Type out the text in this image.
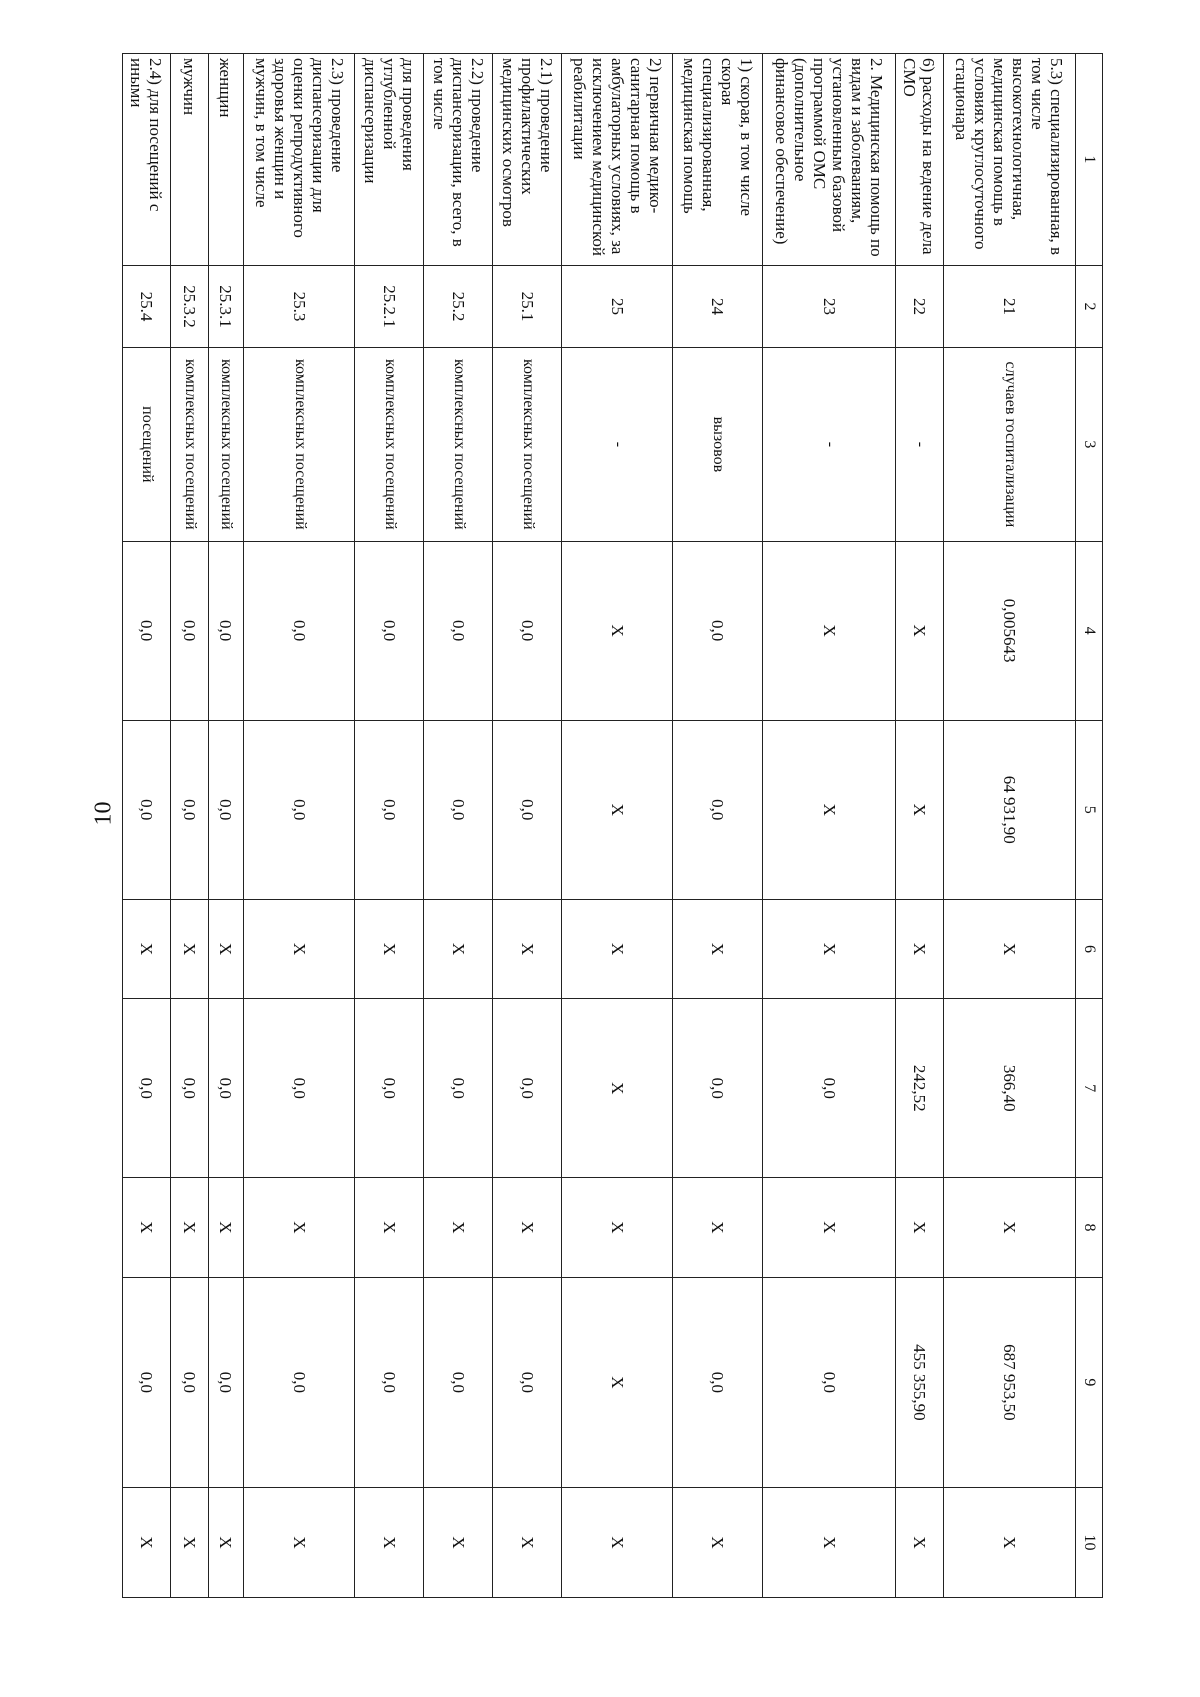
10
1	2	3	4	5	6	7	8	9	10
5.3) специализированная, в том числе высокотехнологичная, медицинская помощь в условиях круглосуточного стационара	21	случаев госпитализации	0,005643	64 931,90	X	366,40	X	687 953,50	X
6) расходы на ведение дела СМО	22	-	X	X	X	242,52	X	455 355,90	X
2. Медицинская помощь по видам и заболеваниям, установленным базовой программой ОМС (дополнительное финансовое обеспечение)	23	-	X	X	X	0,0	X	0,0	X
1) скорая, в том числе скорая специализированная, медицинская помощь	24	вызовов	0,0	0,0	X	0,0	X	0,0	X
2) первичная медико-санитарная помощь в амбулаторных условиях, за исключением медицинской реабилитации	25	-	X	X	X	X	X	X	X
2.1) проведение профилактических медицинских осмотров	25.1	комплексных посещений	0,0	0,0	X	0,0	X	0,0	X
2.2) проведение диспансеризации, всего, в том числе	25.2	комплексных посещений	0,0	0,0	X	0,0	X	0,0	X
для проведения углубленной диспансеризации	25.2.1	комплексных посещений	0,0	0,0	X	0,0	X	0,0	X
2.3) проведение диспансеризации для оценки репродуктивного здоровья женщин и мужчин, в том числе	25.3	комплексных посещений	0,0	0,0	X	0,0	X	0,0	X
женщин	25.3.1	комплексных посещений	0,0	0,0	X	0,0	X	0,0	X
мужчин	25.3.2	комплексных посещений	0,0	0,0	X	0,0	X	0,0	X
2.4) для посещений с иными	25.4	посещений	0,0	0,0	X	0,0	X	0,0	X
